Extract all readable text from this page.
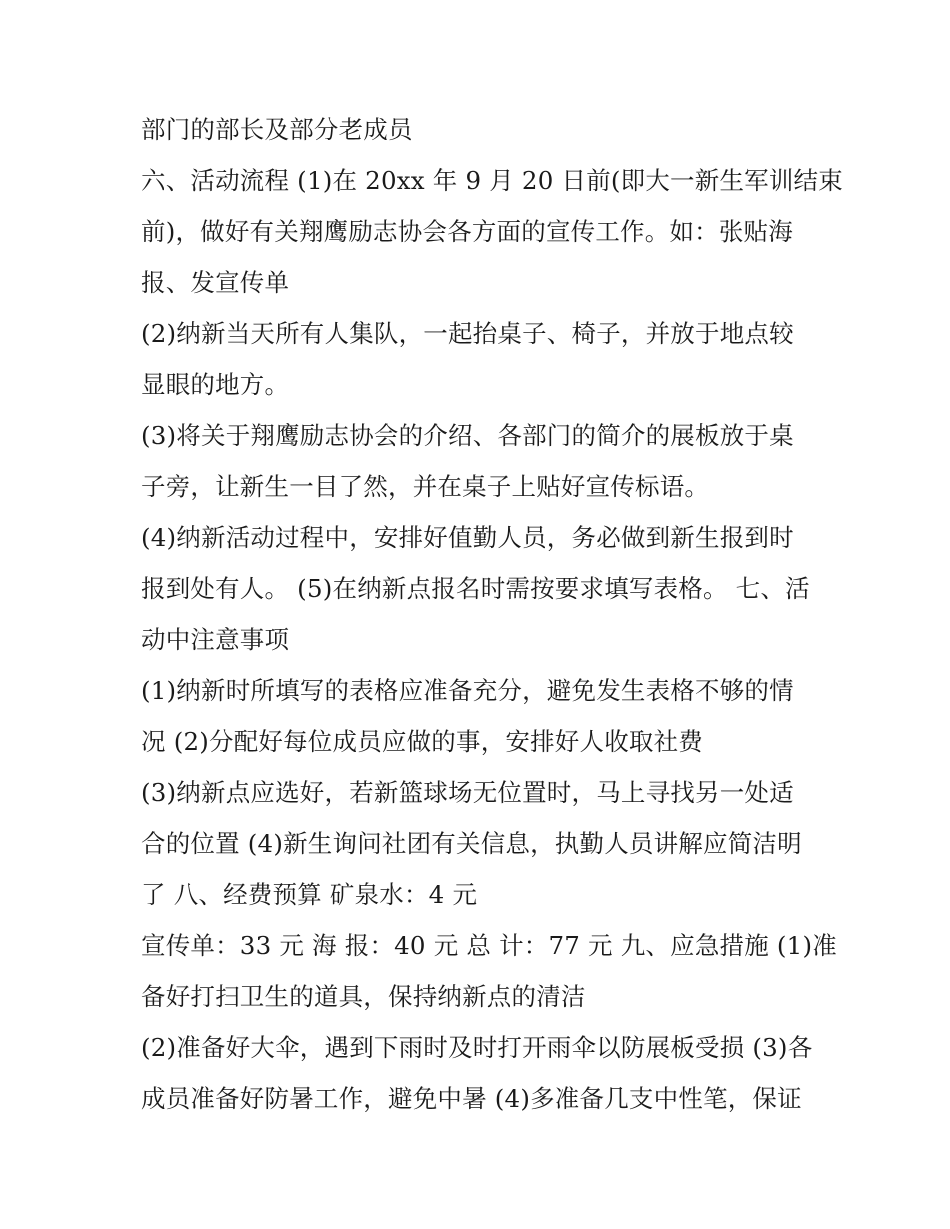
部门的部长及部分老成员
六、活动流程 (1)在 20xx 年 9 月 20 日前(即大一新生军训结束
前)，做好有关翔鹰励志协会各方面的宣传工作。如：张贴海
报、发宣传单
(2)纳新当天所有人集队，一起抬桌子、椅子，并放于地点较
显眼的地方。
(3)将关于翔鹰励志协会的介绍、各部门的简介的展板放于桌
子旁，让新生一目了然，并在桌子上贴好宣传标语。
(4)纳新活动过程中，安排好值勤人员，务必做到新生报到时
报到处有人。 (5)在纳新点报名时需按要求填写表格。 七、活
动中注意事项
(1)纳新时所填写的表格应准备充分，避免发生表格不够的情
况 (2)分配好每位成员应做的事，安排好人收取社费
(3)纳新点应选好，若新篮球场无位置时，马上寻找另一处适
合的位置 (4)新生询问社团有关信息，执勤人员讲解应简洁明
了 八、经费预算 矿泉水：4 元
宣传单：33 元 海 报：40 元 总 计：77 元 九、应急措施 (1)准
备好打扫卫生的道具，保持纳新点的清洁
(2)准备好大伞，遇到下雨时及时打开雨伞以防展板受损 (3)各
成员准备好防暑工作，避免中暑 (4)多准备几支中性笔，保证
